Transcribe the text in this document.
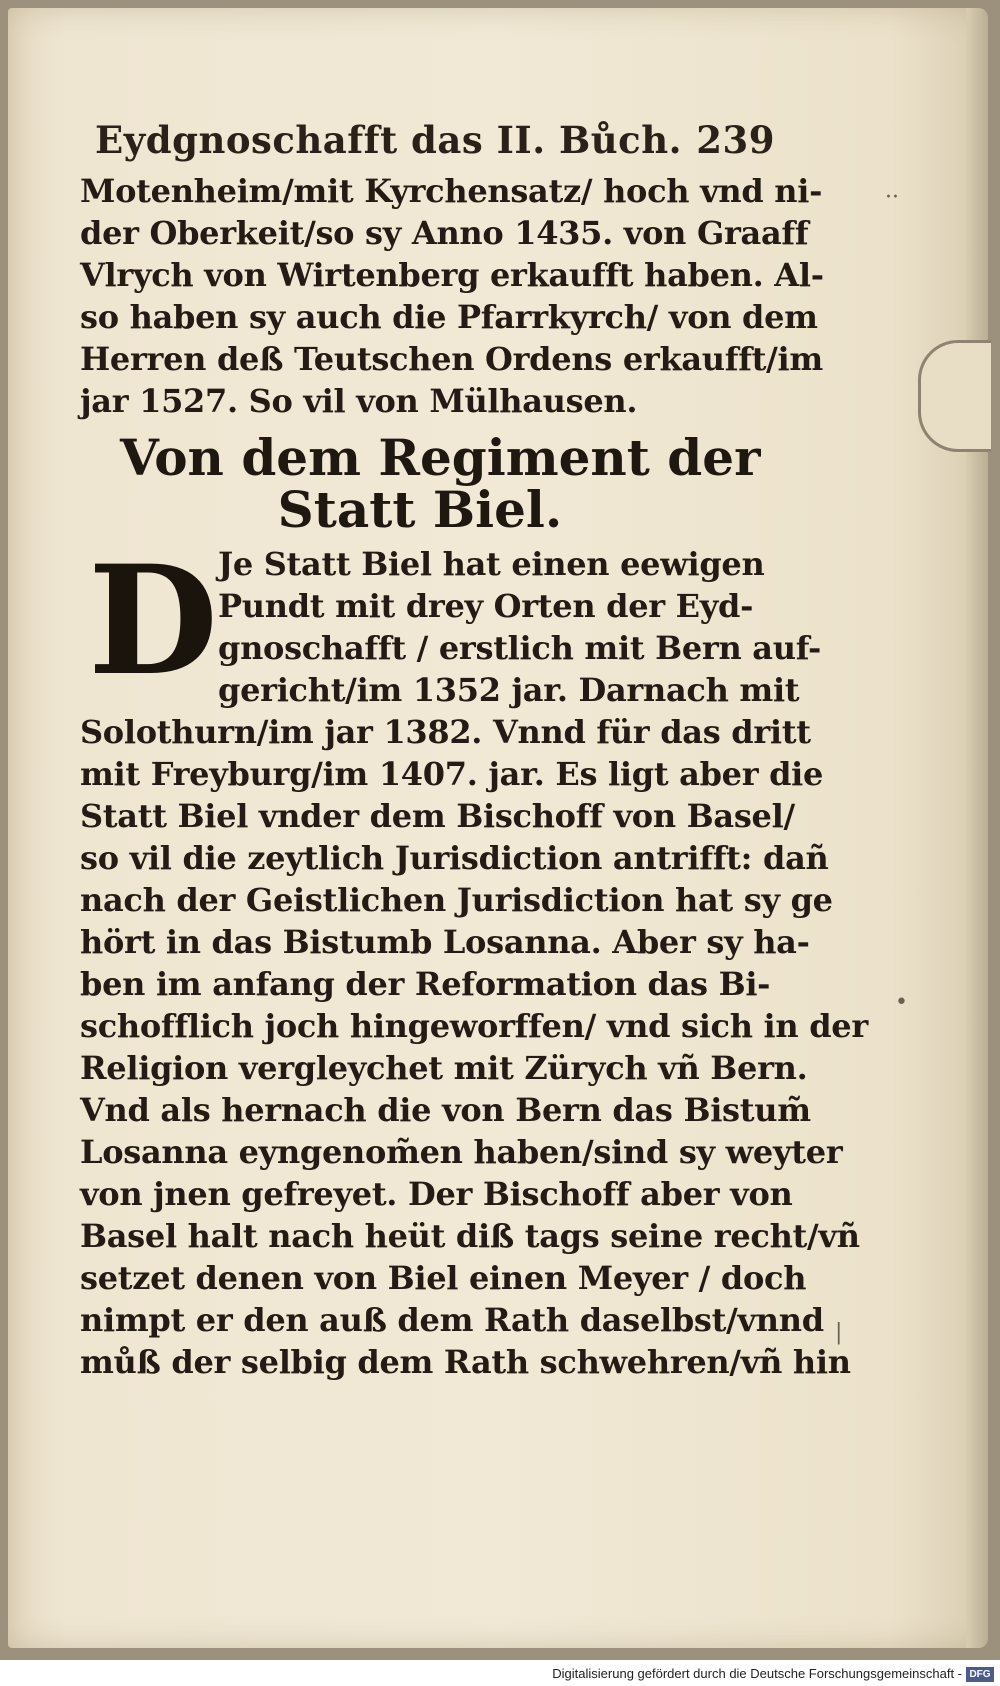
Eydgnoschafft das II. Bůch. 239
Motenheim/mit Kyrchensatz/ hoch vnd ni-
der Oberkeit/so sy Anno 1435. von Graaff
Vlrych von Wirtenberg erkaufft haben. Al-
so haben sy auch die Pfarrkyrch/ von dem
Herren deß Teutschen Ordens erkaufft/im
jar 1527. So vil von Mülhausen.
Von dem Regiment der
Statt Biel.
D Je Statt Biel hat einen eewigen
Pundt mit drey Orten der Eyd-
gnoschafft / erstlich mit Bern auf-
gericht/im 1352 jar. Darnach mit
Solothurn/im jar 1382. Vnnd für das dritt
mit Freyburg/im 1407. jar. Es ligt aber die
Statt Biel vnder dem Bischoff von Basel/
so vil die zeytlich Jurisdiction antrifft: dañ
nach der Geistlichen Jurisdiction hat sy ge
hört in das Bistumb Losanna. Aber sy ha-
ben im anfang der Reformation das Bi-
schofflich joch hingeworffen/ vnd sich in der
Religion vergleychet mit Zürych vñ Bern.
Vnd als hernach die von Bern das Bistum̃
Losanna eyngenom̃en haben/sind sy weyter
von jnen gefreyet. Der Bischoff aber von
Basel halt nach heüt diß tags seine recht/vñ
setzet denen von Biel einen Meyer / doch
nimpt er den auß dem Rath daselbst/vnnd
můß der selbig dem Rath schwehren/vñ hin
··
•
|
Digitalisierung gefördert durch die Deutsche Forschungsgemeinschaft - DFG
